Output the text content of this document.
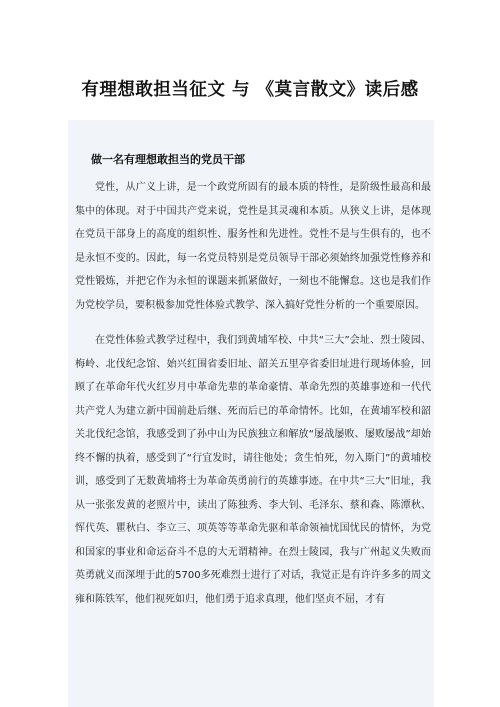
有理想敢担当征文 与 《莫言散文》读后感
做一名有理想敢担当的党员干部

党性，从广义上讲，是一个政党所固有的最本质的特性，是阶级性最高和最集中的体现。对于中国共产党来说，党性是其灵魂和本质。从狭义上讲，是体现在党员干部身上的高度的组织性、服务性和先进性。党性不是与生俱有的，也不是永恒不变的。因此，每一名党员特别是党员领导干部必须始终加强党性修养和党性锻炼，并把它作为永恒的课题来抓紧做好，一刻也不能懈怠。这也是我们作为党校学员，要积极参加党性体验式教学、深入搞好党性分析的一个重要原因。

在党性体验式教学过程中，我们到黄埔军校、中共“三大”会址、烈士陵园、梅岭、北伐纪念馆、始兴红围省委旧址、韶关五里亭省委旧址进行现场体验，回顾了在革命年代火红岁月中革命先辈的革命豪情、革命先烈的英雄事迹和一代代共产党人为建立新中国前赴后继、死而后已的革命情怀。比如，在黄埔军校和韶关北伐纪念馆，我感受到了孙中山为民族独立和解放“屡战屡败、屡败屡战”却始终不懈的执着，感受到了“行宜发时，请往他处；贪生怕死，勿入斯门”的黄埔校训，感受到了无数黄埔将士为革命英勇前行的英雄事迹。在中共“三大”旧址，我从一张张发黄的老照片中，读出了陈独秀、李大钊、毛泽东、蔡和森、陈潭秋、恽代英、瞿秋白、李立三、项英等等革命先驱和革命领袖忧国忧民的情怀，为党和国家的事业和命运奋斗不息的大无谓精神。在烈士陵园，我与广州起义失败而英勇就义而深埋于此的5700多死难烈士进行了对话，我觉正是有许许多多的周文雍和陈铁军，他们视死如归，他们勇于追求真理，他们坚贞不屈，才有
